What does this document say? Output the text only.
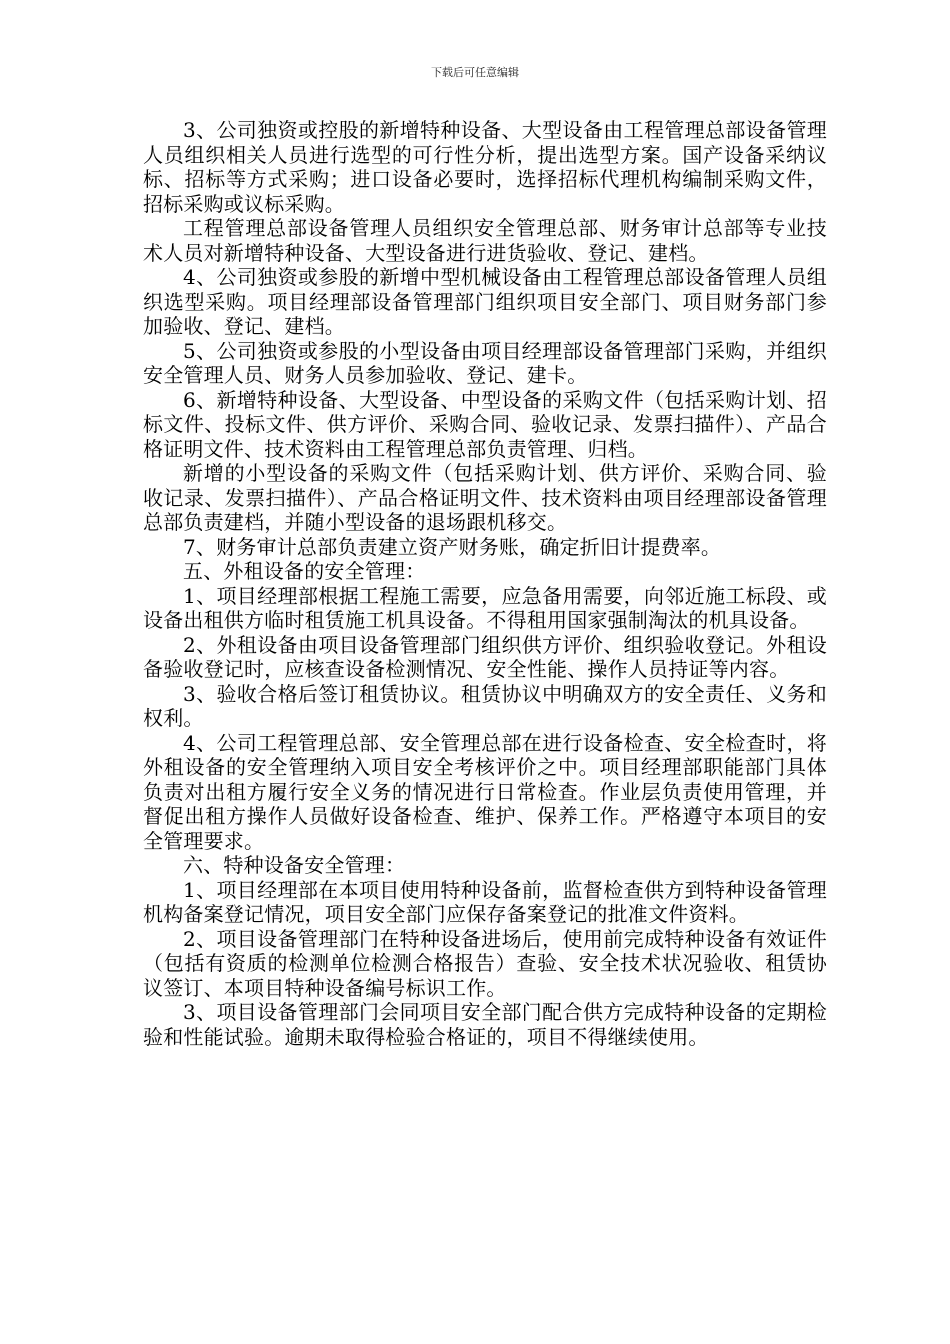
下载后可任意编辑

3、公司独资或控股的新增特种设备、大型设备由工程管理总部设备管理人员组织相关人员进行选型的可行性分析，提出选型方案。国产设备采纳议标、招标等方式采购；进口设备必要时，选择招标代理机构编制采购文件，招标采购或议标采购。

工程管理总部设备管理人员组织安全管理总部、财务审计总部等专业技术人员对新增特种设备、大型设备进行进货验收、登记、建档。

4、公司独资或参股的新增中型机械设备由工程管理总部设备管理人员组织选型采购。项目经理部设备管理部门组织项目安全部门、项目财务部门参加验收、登记、建档。

5、公司独资或参股的小型设备由项目经理部设备管理部门采购，并组织安全管理人员、财务人员参加验收、登记、建卡。

6、新增特种设备、大型设备、中型设备的采购文件（包括采购计划、招标文件、投标文件、供方评价、采购合同、验收记录、发票扫描件）、产品合格证明文件、技术资料由工程管理总部负责管理、归档。

新增的小型设备的采购文件（包括采购计划、供方评价、采购合同、验收记录、发票扫描件）、产品合格证明文件、技术资料由项目经理部设备管理总部负责建档，并随小型设备的退场跟机移交。

7、财务审计总部负责建立资产财务账，确定折旧计提费率。

五、外租设备的安全管理：

1、项目经理部根据工程施工需要，应急备用需要，向邻近施工标段、或设备出租供方临时租赁施工机具设备。不得租用国家强制淘汰的机具设备。

2、外租设备由项目设备管理部门组织供方评价、组织验收登记。外租设备验收登记时，应核查设备检测情况、安全性能、操作人员持证等内容。

3、验收合格后签订租赁协议。租赁协议中明确双方的安全责任、义务和权利。

4、公司工程管理总部、安全管理总部在进行设备检查、安全检查时，将外租设备的安全管理纳入项目安全考核评价之中。项目经理部职能部门具体负责对出租方履行安全义务的情况进行日常检查。作业层负责使用管理，并督促出租方操作人员做好设备检查、维护、保养工作。严格遵守本项目的安全管理要求。

六、特种设备安全管理：

1、项目经理部在本项目使用特种设备前，监督检查供方到特种设备管理机构备案登记情况，项目安全部门应保存备案登记的批准文件资料。

2、项目设备管理部门在特种设备进场后，使用前完成特种设备有效证件（包括有资质的检测单位检测合格报告）查验、安全技术状况验收、租赁协议签订、本项目特种设备编号标识工作。

3、项目设备管理部门会同项目安全部门配合供方完成特种设备的定期检验和性能试验。逾期未取得检验合格证的，项目不得继续使用。
